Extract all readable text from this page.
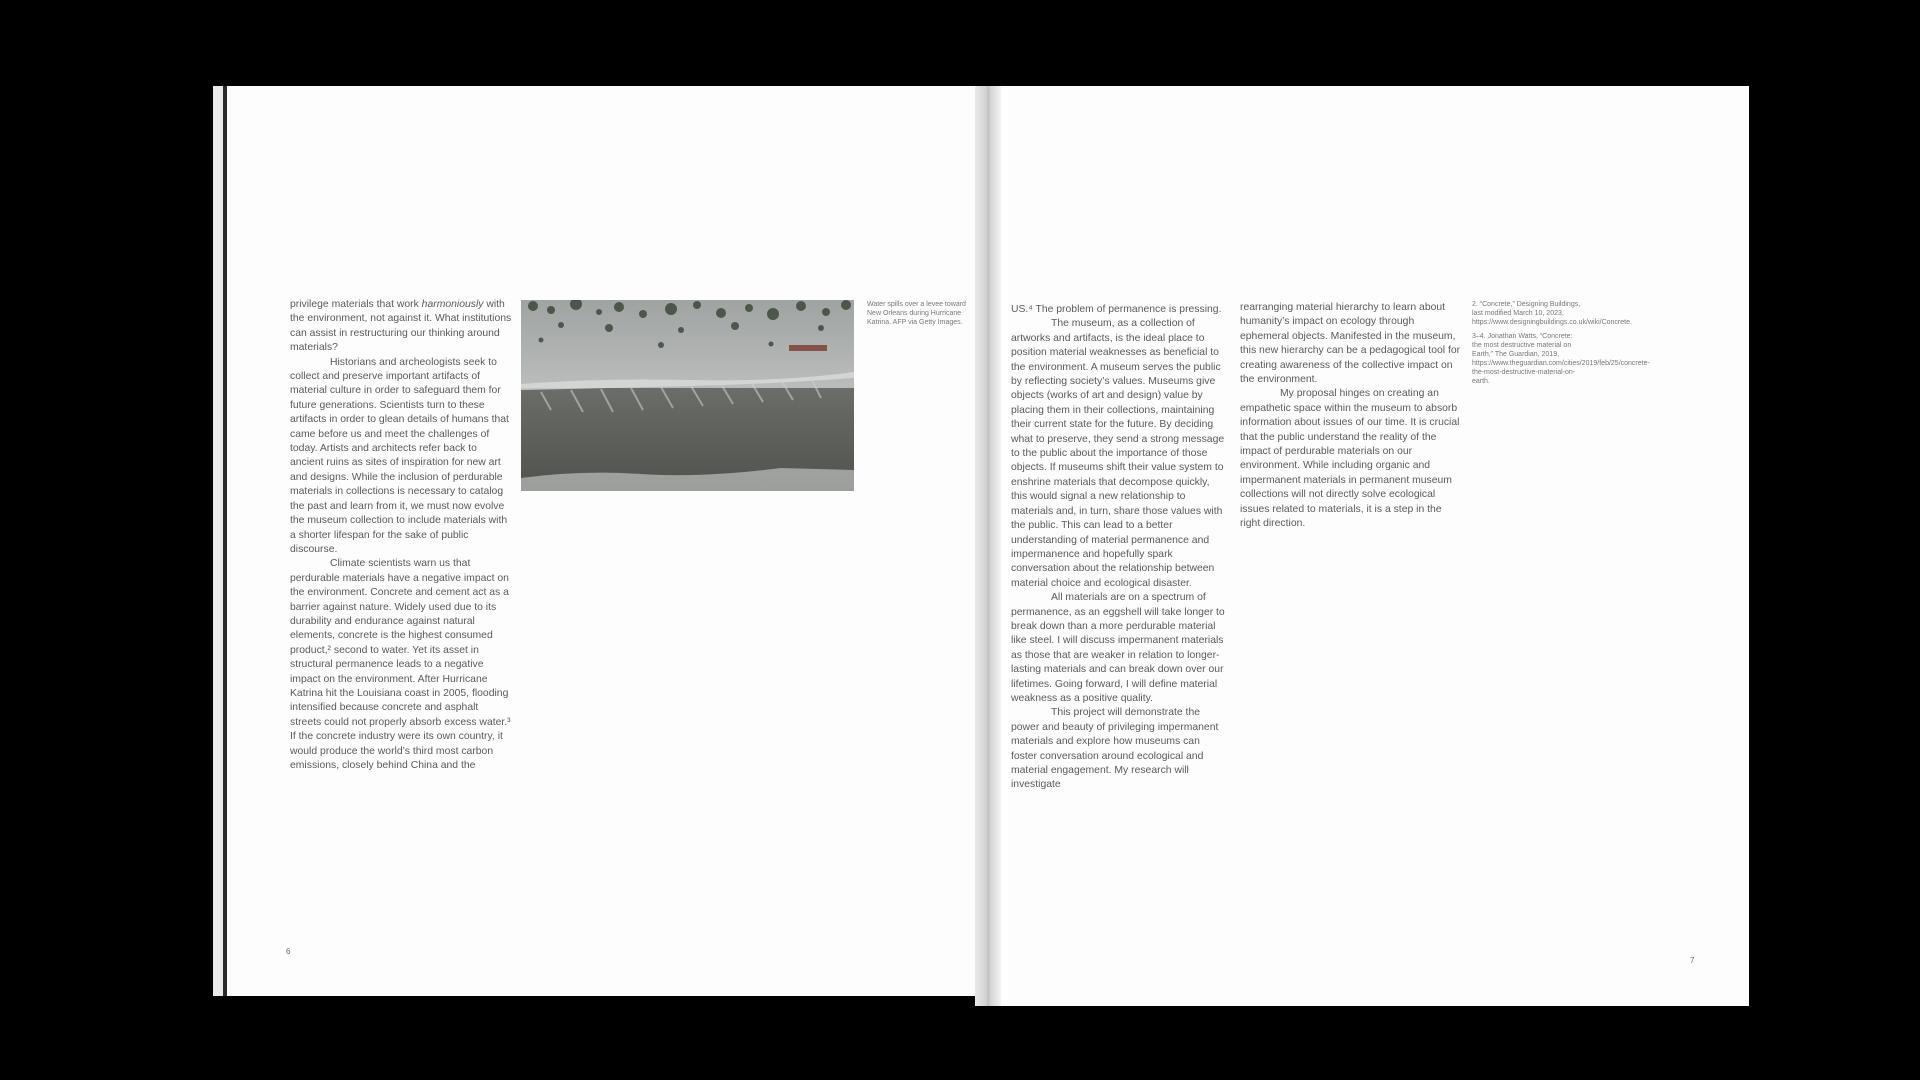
privilege materials that work harmoniously with the environment, not against it. What institutions can assist in restructuring our thinking around materials?

Historians and archeologists seek to collect and preserve important artifacts of material culture in order to safeguard them for future generations. Scientists turn to these artifacts in order to glean details of humans that came before us and meet the challenges of today. Artists and architects refer back to ancient ruins as sites of inspiration for new art and designs. While the inclusion of perdurable materials in collections is necessary to catalog the past and learn from it, we must now evolve the museum collection to include materials with a shorter lifespan for the sake of public discourse.

Climate scientists warn us that perdurable materials have a negative impact on the environment. Concrete and cement act as a barrier against nature. Widely used due to its durability and endurance against natural elements, concrete is the highest consumed product,² second to water. Yet its asset in structural permanence leads to a negative impact on the environment. After Hurricane Katrina hit the Louisiana coast in 2005, flooding intensified because concrete and asphalt streets could not properly absorb excess water.³ If the concrete industry were its own country, it would produce the world’s third most carbon emissions, closely behind China and the

Water spills over a levee toward New Orleans during Hurricane Katrina. AFP via Getty Images.

US.⁴ The problem of permanence is pressing.

The museum, as a collection of artworks and artifacts, is the ideal place to position material weaknesses as beneficial to the environment. A museum serves the public by reflecting society’s values. Museums give objects (works of art and design) value by placing them in their collections, maintaining their current state for the future. By deciding what to preserve, they send a strong message to the public about the importance of those objects. If museums shift their value system to enshrine materials that decompose quickly, this would signal a new relationship to materials and, in turn, share those values with the public. This can lead to a better understanding of material permanence and impermanence and hopefully spark conversation about the relationship between material choice and ecological disaster.

All materials are on a spectrum of permanence, as an eggshell will take longer to break down than a more perdurable material like steel. I will discuss impermanent materials as those that are weaker in relation to longer-lasting materials and can break down over our lifetimes. Going forward, I will define material weakness as a positive quality.

This project will demonstrate the power and beauty of privileging impermanent materials and explore how museums can foster conversation around ecological and material engagement. My research will investigate

rearranging material hierarchy to learn about humanity’s impact on ecology through ephemeral objects. Manifested in the museum, this new hierarchy can be a pedagogical tool for creating awareness of the collective impact on the environment.

My proposal hinges on creating an empathetic space within the museum to absorb information about issues of our time. It is crucial that the public understand the reality of the impact of perdurable materials on our environment. While including organic and impermanent materials in permanent museum collections will not directly solve ecological issues related to materials, it is a step in the right direction.

2. “Concrete,” Designing Buildings, last modified March 10, 2023, https://www.designingbuildings.co.uk/wiki/Concrete.

3–4. Jonathan Watts, “Concrete: the most destructive material on Earth,” The Guardian, 2019, https://www.theguardian.com/cities/2019/feb/25/concrete-the-most-destructive-material-on-earth.

6
7
